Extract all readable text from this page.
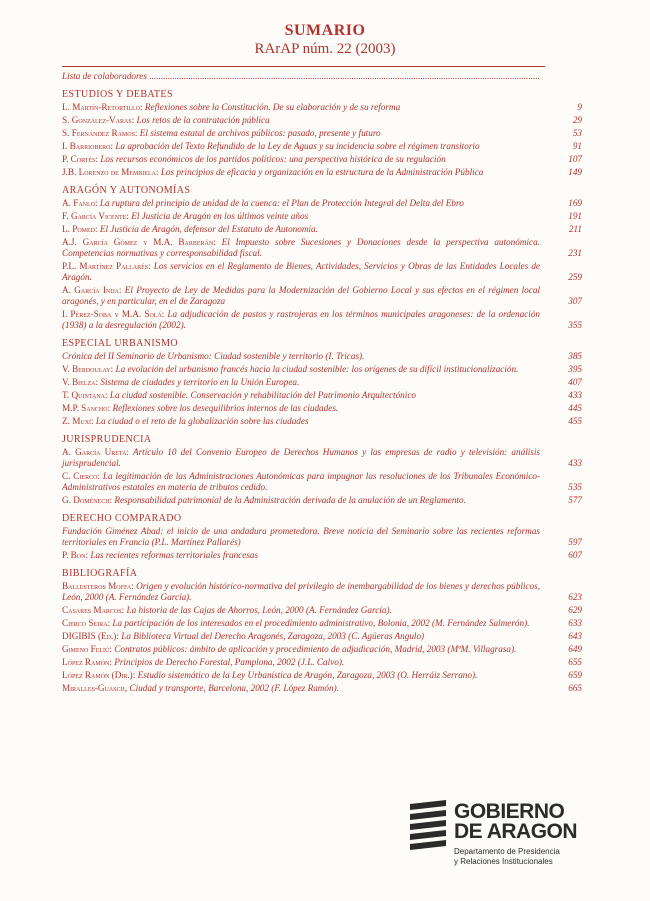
SUMARIO
RArAP núm. 22 (2003)
Lista de colaboradores .....
ESTUDIOS Y DEBATES
L. Martín-Retortillo: Reflexiones sobre la Constitución. De su elaboración y de su reforma	9
S. González-Varas: Los retos de la contratación pública	29
S. Fernández Ramos: El sistema estatal de archivos públicos: pasado, presente y futuro	53
I. Barriobero: La aprobación del Texto Refundido de la Ley de Aguas y su incidencia sobre el régimen transitorio	91
P. Cortés: Los recursos económicos de los partidos políticos: una perspectiva histórica de su regulación	107
J.B. Lorenzo de Membiela: Los principios de eficacia y organización en la estructura de la Administración Pública	149
ARAGÓN Y AUTONOMÍAS
A. Fanlo: La ruptura del principio de unidad de la cuenca: el Plan de Protección Integral del Delta del Ebro	169
F. García Vicente: El Justicia de Aragón en los últimos veinte años	191
L. Pomed: El Justicia de Aragón, defensor del Estatuto de Autonomía.	211
A.J. García Gómez y M.A. Barberán: El Impuesto sobre Sucesiones y Donaciones desde la perspectiva autonómica. Competencias normativas y corresponsabilidad fiscal.	231
P.L. Martínez Pallarés: Los servicios en el Reglamento de Bienes, Actividades, Servicios y Obras de las Entidades Locales de Aragón.	259
A. García Inda: El Proyecto de Ley de Medidas para la Modernización del Gobierno Local y sus efectos en el régimen local aragonés, y en particular, en el de Zaragoza	307
I. Pérez-Soba y M.A. Solá: La adjudicación de pastos y rastrojeras en los términos municipales aragoneses: de la ordenación (1938) a la desregulación (2002).	355
ESPECIAL URBANISMO
Crónica del II Seminario de Urbanismo: Ciudad sostenible y territorio (I. Tricas).	385
V. Berdoulay: La evolución del urbanismo francés hacia la ciudad sostenible: los orígenes de su difícil institucionalización.	395
V. Bielza: Sistema de ciudades y territorio en la Unión Europea.	407
T. Quintana: La ciudad sostenible. Conservación y rehabilitación del Patrimonio Arquitectónico	433
M.P. Sancho: Reflexiones sobre los desequilibrios internos de las ciudades.	445
Z. Muxí: La ciudad o el reto de la globalización sobre las ciudades	455
JURISPRUDENCIA
A. García Ureta: Artículo 10 del Convenio Europeo de Derechos Humanos y las empresas de radio y televisión: análisis jurisprudencial.	433
C. Cierco: La legitimación de las Administraciones Autonómicas para impugnar las resoluciones de los Tribunales Económico-Administrativos estatales en materia de tributos cedido.	535
G. Domènech: Responsabilidad patrimonial de la Administración derivada de la anulación de un Reglamento.	577
DERECHO COMPARADO
Fundación Giménez Abad: el inicio de una andadura prometedora. Breve noticia del Seminario sobre las recientes reformas territoriales en Francia (P.L. Martínez Pallarés)	597
P. Bon: Las recientes reformas territoriales francesas	607
BIBLIOGRAFÍA
Ballesteros Moffa: Origen y evolución histórico-normativa del privilegio de inembargabilidad de los bienes y derechos públicos, León, 2000 (A. Fernández García).	623
Casares Marcos: La historia de las Cajas de Ahorros, León, 2000 (A. Fernández García).	629
Cierco Seira: La participación de los interesados en el procedimiento administrativo, Bolonia, 2002 (M. Fernández Salmerón).	633
DIGIBIS (Ed.): La Biblioteca Virtual del Derecho Aragonés, Zaragoza, 2003 (C. Agüeras Angulo)	643
Gimeno Feliú: Contratos públicos: ámbito de aplicación y procedimiento de adjudicación, Madrid, 2003 (MªM. Villagrasa).	649
López Ramón: Principios de Derecho Forestal, Pamplona, 2002 (J.L. Calvo).	655
López Ramón (Dir.): Estudio sistemático de la Ley Urbanística de Aragón, Zaragoza, 2003 (O. Herráiz Serrano).	659
Miralles-Guasch, Ciudad y transporte, Barcelona, 2002 (F. López Ramón).	665
GOBIERNO
DE ARAGON
Departamento de Presidencia
y Relaciones Institucionales
